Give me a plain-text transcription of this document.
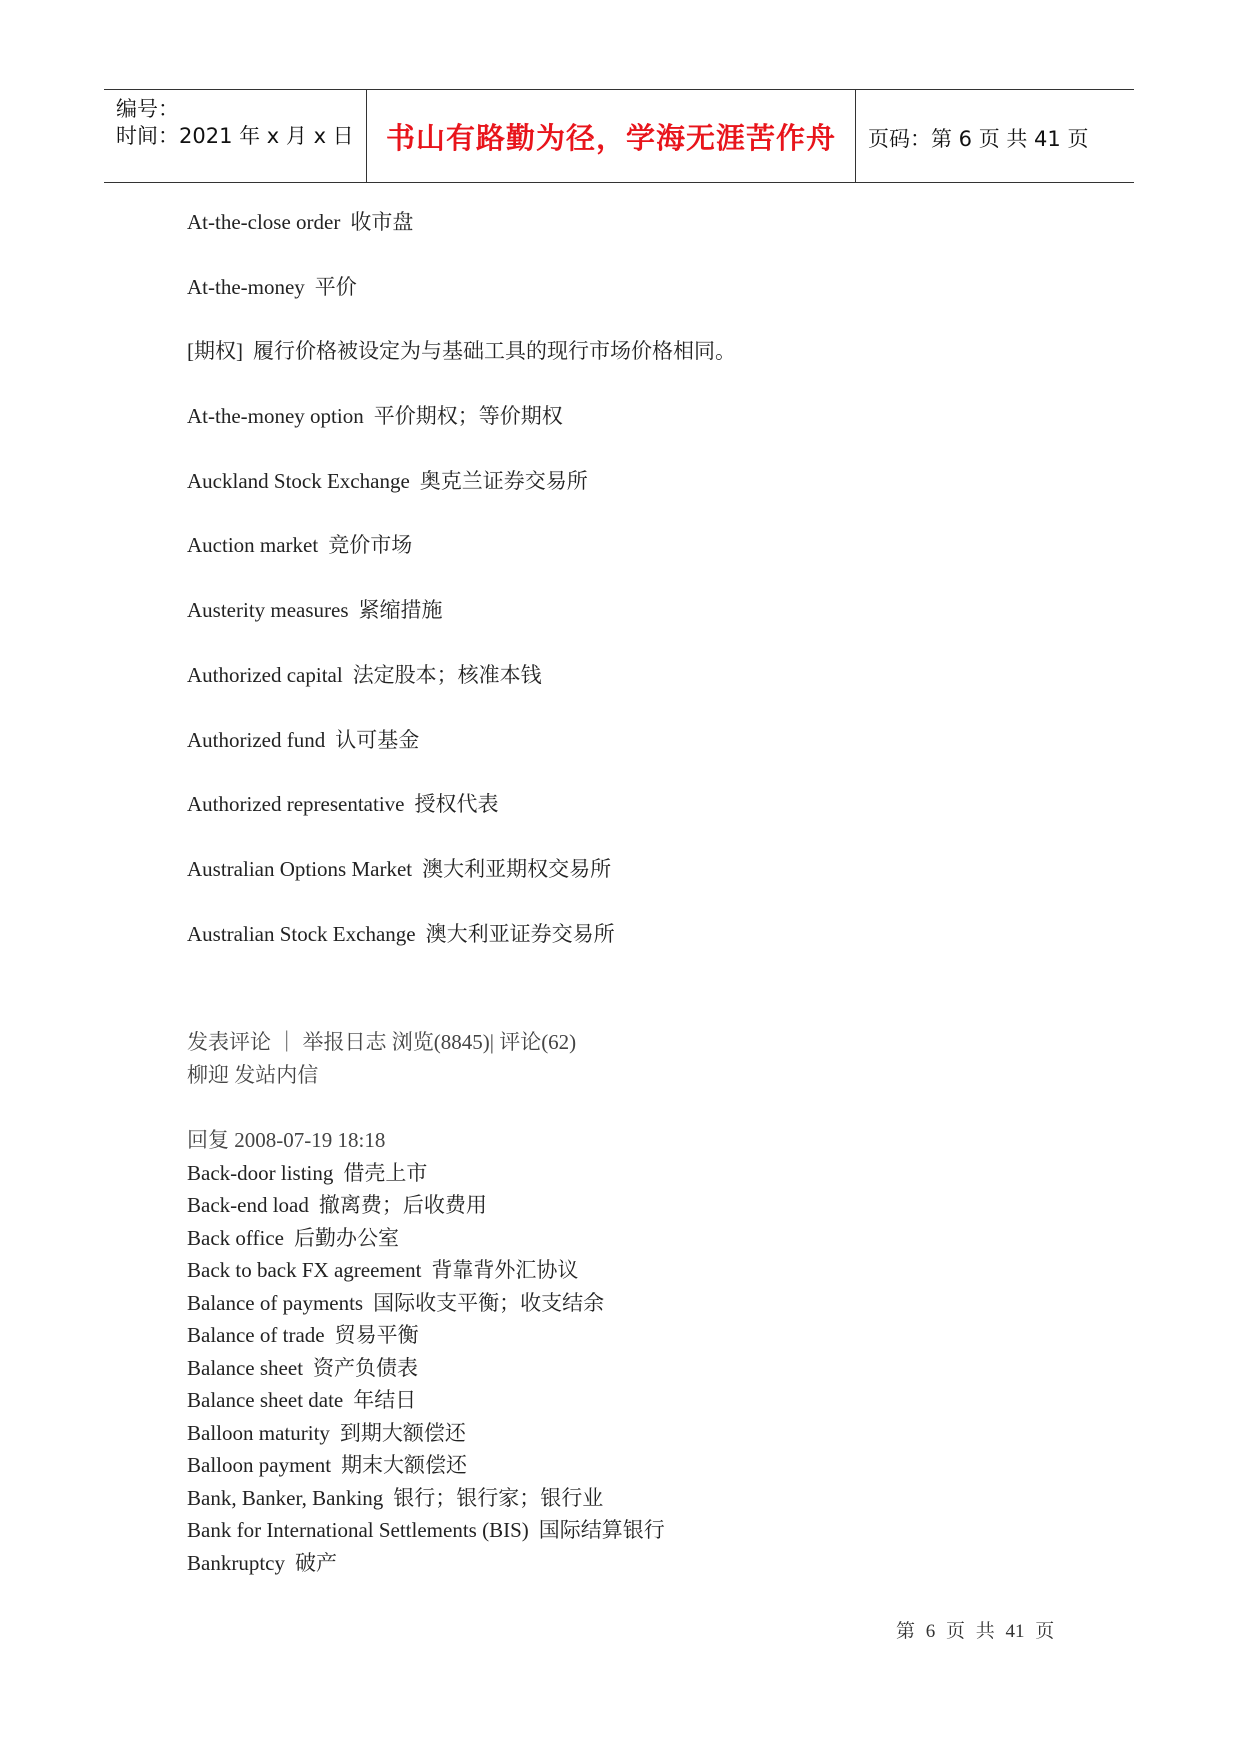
编号：
时间：2021 年 x 月 x 日	书山有路勤为径，学海无涯苦作舟	页码：第 6 页 共 41 页
At-the-close order 收市盘
At-the-money 平价
[期权] 履行价格被设定为与基础工具的现行市场价格相同。
At-the-money option 平价期权；等价期权
Auckland Stock Exchange 奥克兰证券交易所
Auction market 竞价市场
Austerity measures 紧缩措施
Authorized capital 法定股本；核准本钱
Authorized fund 认可基金
Authorized representative 授权代表
Australian Options Market 澳大利亚期权交易所
Australian Stock Exchange 澳大利亚证券交易所
发表评论 ｜ 举报日志 浏览(8845)| 评论(62)
柳迎 发站内信
回复 2008-07-19 18:18
Back-door listing 借壳上市
Back-end load 撤离费；后收费用
Back office 后勤办公室
Back to back FX agreement 背靠背外汇协议
Balance of payments 国际收支平衡；收支结余
Balance of trade 贸易平衡
Balance sheet 资产负债表
Balance sheet date 年结日
Balloon maturity 到期大额偿还
Balloon payment 期末大额偿还
Bank, Banker, Banking 银行；银行家；银行业
Bank for International Settlements (BIS) 国际结算银行
Bankruptcy 破产
第 6 页 共 41 页
